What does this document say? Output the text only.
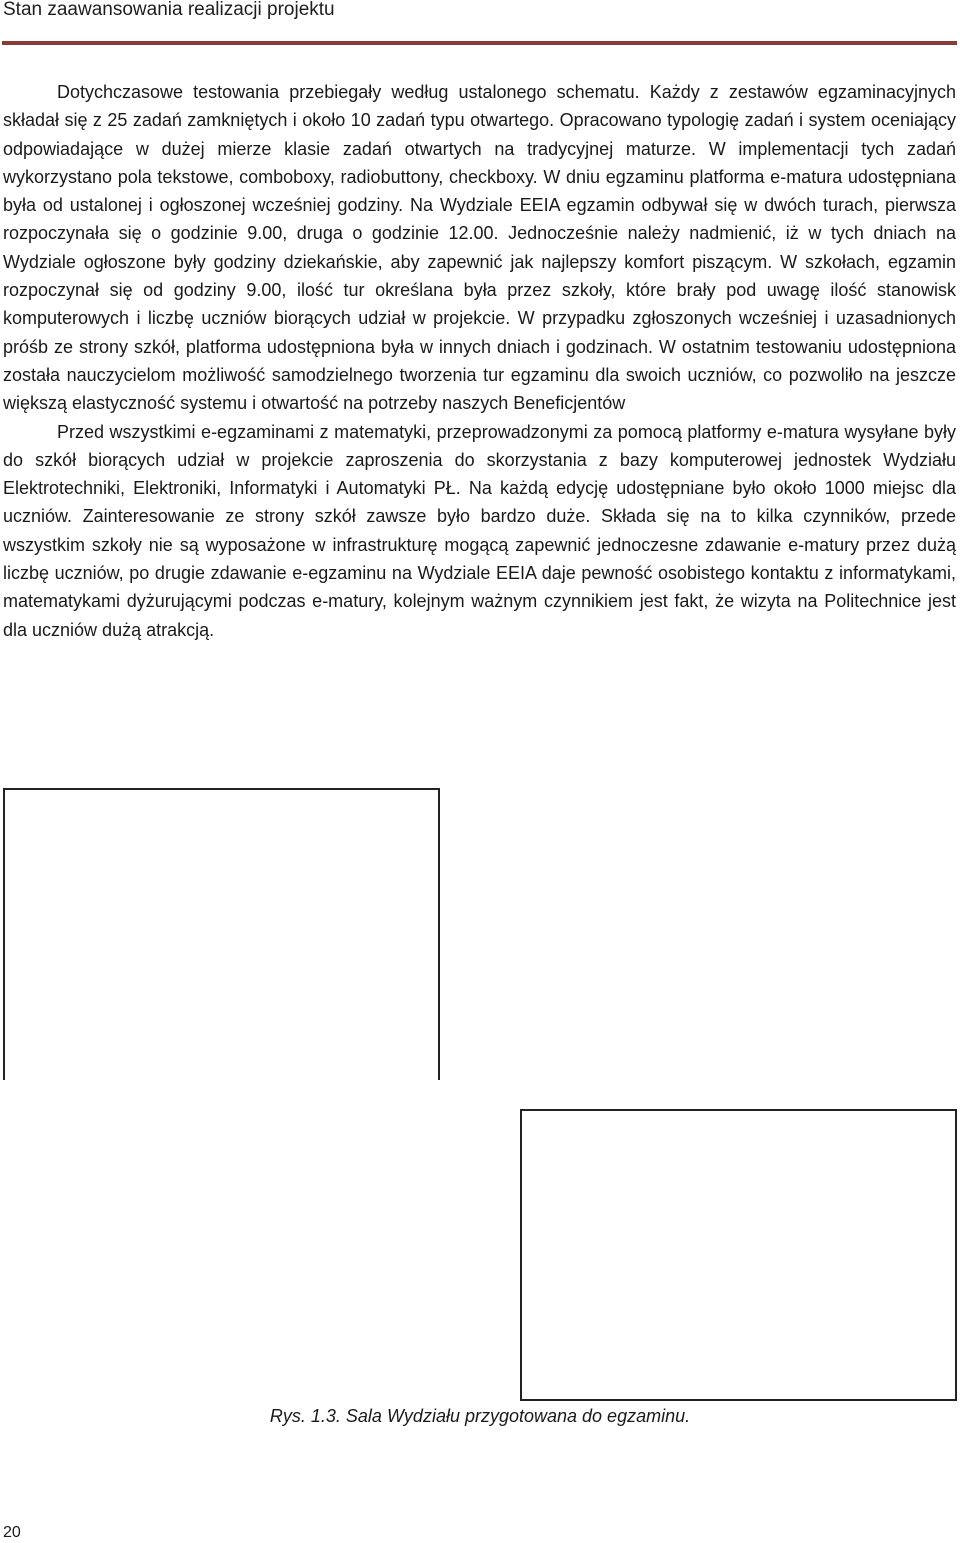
Stan zaawansowania realizacji projektu

Dotychczasowe testowania przebiegały według ustalonego schematu. Każdy z zestawów egzaminacyjnych składał się z 25 zadań zamkniętych i około 10 zadań typu otwartego. Opracowano typologię zadań i system oceniający odpowiadające w dużej mierze klasie zadań otwartych na tradycyjnej maturze. W implementacji tych zadań wykorzystano pola tekstowe, comboboxy, radiobuttony, checkboxy. W dniu egzaminu platforma e-matura udostępniana była od ustalonej i ogłoszonej wcześniej godziny. Na Wydziale EEIA egzamin odbywał się w dwóch turach, pierwsza rozpoczynała się o godzinie 9.00, druga o godzinie 12.00. Jednocześnie należy nadmienić, iż w tych dniach na Wydziale ogłoszone były godziny dziekańskie, aby zapewnić jak najlepszy komfort piszącym. W szkołach, egzamin rozpoczynał się od godziny 9.00, ilość tur określana była przez szkoły, które brały pod uwagę ilość stanowisk komputerowych i liczbę uczniów biorących udział w projekcie. W przypadku zgłoszonych wcześniej i uzasadnionych próśb ze strony szkół, platforma udostępniona była w innych dniach i godzinach. W ostatnim testowaniu udostępniona została nauczycielom możliwość samodzielnego tworzenia tur egzaminu dla swoich uczniów, co pozwoliło na jeszcze większą elastyczność systemu i otwartość na potrzeby naszych Beneficjentów

Przed wszystkimi e-egzaminami z matematyki, przeprowadzonymi za pomocą platformy e-matura wysyłane były do szkół biorących udział w projekcie zaproszenia do skorzystania z bazy komputerowej jednostek Wydziału Elektrotechniki, Elektroniki, Informatyki i Automatyki PŁ. Na każdą edycję udostępniane było około 1000 miejsc dla uczniów. Zainteresowanie ze strony szkół zawsze było bardzo duże. Składa się na to kilka czynników, przede wszystkim szkoły nie są wyposażone w infrastrukturę mogącą zapewnić jednoczesne zdawanie e-matury przez dużą liczbę uczniów, po drugie zdawanie e-egzaminu na Wydziale EEIA daje pewność osobistego kontaktu z informatykami, matematykami dyżurującymi podczas e-matury, kolejnym ważnym czynnikiem jest fakt, że wizyta na Politechnice jest dla uczniów dużą atrakcją.

Rys. 1.3. Sala Wydziału przygotowana do egzaminu.
20
